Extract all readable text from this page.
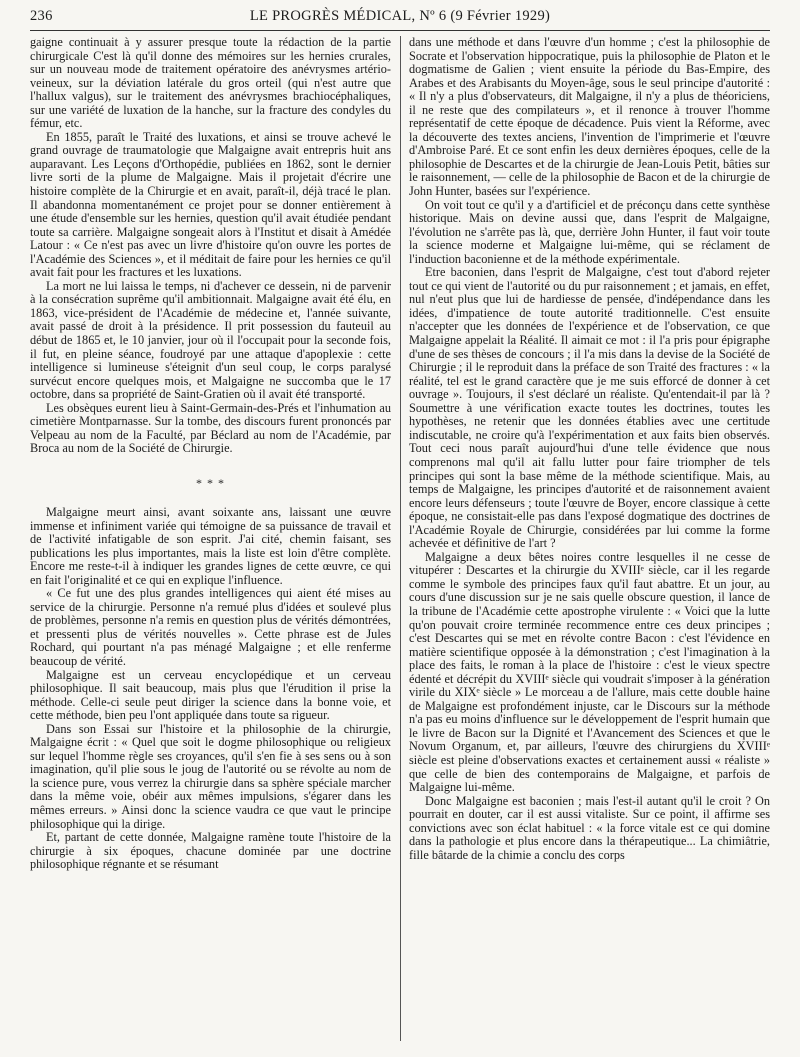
236	LE PROGRÈS MÉDICAL, Nº 6 (9 Février 1929)

gaigne continuait à y assurer presque toute la rédaction de la partie chirurgicale C'est là qu'il donne des mémoires sur les hernies crurales, sur un nouveau mode de traitement opératoire des anévrysmes artério-veineux, sur la déviation latérale du gros orteil (qui n'est autre que l'hallux valgus), sur le traitement des anévrysmes brachiocéphaliques, sur une variété de luxation de la hanche, sur la fracture des condyles du fémur, etc.

En 1855, paraît le Traité des luxations, et ainsi se trouve achevé le grand ouvrage de traumatologie que Malgaigne avait entrepris huit ans auparavant. Les Leçons d'Orthopédie, publiées en 1862, sont le dernier livre sorti de la plume de Malgaigne. Mais il projetait d'écrire une histoire complète de la Chirurgie et en avait, paraît-il, déjà tracé le plan. Il abandonna momentanément ce projet pour se donner entièrement à une étude d'ensemble sur les hernies, question qu'il avait étudiée pendant toute sa carrière. Malgaigne songeait alors à l'Institut et disait à Amédée Latour : « Ce n'est pas avec un livre d'histoire qu'on ouvre les portes de l'Académie des Sciences », et il méditait de faire pour les hernies ce qu'il avait fait pour les fractures et les luxations.

La mort ne lui laissa le temps, ni d'achever ce dessein, ni de parvenir à la consécration suprême qu'il ambitionnait. Malgaigne avait été élu, en 1863, vice-président de l'Académie de médecine et, l'année suivante, avait passé de droit à la présidence. Il prit possession du fauteuil au début de 1865 et, le 10 janvier, jour où il l'occupait pour la seconde fois, il fut, en pleine séance, foudroyé par une attaque d'apoplexie : cette intelligence si lumineuse s'éteignit d'un seul coup, le corps paralysé survécut encore quelques mois, et Malgaigne ne succomba que le 17 octobre, dans sa propriété de Saint-Gratien où il avait été transporté.

Les obsèques eurent lieu à Saint-Germain-des-Prés et l'inhumation au cimetière Montparnasse. Sur la tombe, des discours furent prononcés par Velpeau au nom de la Faculté, par Béclard au nom de l'Académie, par Broca au nom de la Société de Chirurgie.

* * *

Malgaigne meurt ainsi, avant soixante ans, laissant une œuvre immense et infiniment variée qui témoigne de sa puissance de travail et de l'activité infatigable de son esprit. J'ai cité, chemin faisant, ses publications les plus importantes, mais la liste est loin d'être complète. Encore me reste-t-il à indiquer les grandes lignes de cette œuvre, ce qui en fait l'originalité et ce qui en explique l'influence.

« Ce fut une des plus grandes intelligences qui aient été mises au service de la chirurgie. Personne n'a remué plus d'idées et soulevé plus de problèmes, personne n'a remis en question plus de vérités démontrées, et pressenti plus de vérités nouvelles ». Cette phrase est de Jules Rochard, qui pourtant n'a pas ménagé Malgaigne ; et elle renferme beaucoup de vérité.

Malgaigne est un cerveau encyclopédique et un cerveau philosophique. Il sait beaucoup, mais plus que l'érudition il prise la méthode. Celle-ci seule peut diriger la science dans la bonne voie, et cette méthode, bien peu l'ont appliquée dans toute sa rigueur.

Dans son Essai sur l'histoire et la philosophie de la chirurgie, Malgaigne écrit : « Quel que soit le dogme philosophique ou religieux sur lequel l'homme règle ses croyances, qu'il s'en fie à ses sens ou à son imagination, qu'il plie sous le joug de l'autorité ou se révolte au nom de la science pure, vous verrez la chirurgie dans sa sphère spéciale marcher dans la même voie, obéir aux mêmes impulsions, s'égarer dans les mêmes erreurs. » Ainsi donc la science vaudra ce que vaut le principe philosophique qui la dirige.

Et, partant de cette donnée, Malgaigne ramène toute l'histoire de la chirurgie à six époques, chacune dominée par une doctrine philosophique régnante et se résumant

dans une méthode et dans l'œuvre d'un homme ; c'est la philosophie de Socrate et l'observation hippocratique, puis la philosophie de Platon et le dogmatisme de Galien ; vient ensuite la période du Bas-Empire, des Arabes et des Arabisants du Moyen-âge, sous le seul principe d'autorité : « Il n'y a plus d'observateurs, dit Malgaigne, il n'y a plus de théoriciens, il ne reste que des compilateurs », et il renonce à trouver l'homme représentatif de cette époque de décadence. Puis vient la Réforme, avec la découverte des textes anciens, l'invention de l'imprimerie et l'œuvre d'Ambroise Paré. Et ce sont enfin les deux dernières époques, celle de la philosophie de Descartes et de la chirurgie de Jean-Louis Petit, bâties sur le raisonnement, — celle de la philosophie de Bacon et de la chirurgie de John Hunter, basées sur l'expérience.

On voit tout ce qu'il y a d'artificiel et de préconçu dans cette synthèse historique. Mais on devine aussi que, dans l'esprit de Malgaigne, l'évolution ne s'arrête pas là, que, derrière John Hunter, il faut voir toute la science moderne et Malgaigne lui-même, qui se réclament de l'induction baconienne et de la méthode expérimentale.

Etre baconien, dans l'esprit de Malgaigne, c'est tout d'abord rejeter tout ce qui vient de l'autorité ou du pur raisonnement ; et jamais, en effet, nul n'eut plus que lui de hardiesse de pensée, d'indépendance dans les idées, d'impatience de toute autorité traditionnelle. C'est ensuite n'accepter que les données de l'expérience et de l'observation, ce que Malgaigne appelait la Réalité. Il aimait ce mot : il l'a pris pour épigraphe d'une de ses thèses de concours ; il l'a mis dans la devise de la Société de Chirurgie ; il le reproduit dans la préface de son Traité des fractures : « la réalité, tel est le grand caractère que je me suis efforcé de donner à cet ouvrage ». Toujours, il s'est déclaré un réaliste. Qu'entendait-il par là ? Soumettre à une vérification exacte toutes les doctrines, toutes les hypothèses, ne retenir que les données établies avec une certitude indiscutable, ne croire qu'à l'expérimentation et aux faits bien observés. Tout ceci nous paraît aujourd'hui d'une telle évidence que nous comprenons mal qu'il ait fallu lutter pour faire triompher de tels principes qui sont la base même de la méthode scientifique. Mais, au temps de Malgaigne, les principes d'autorité et de raisonnement avaient encore leurs défenseurs ; toute l'œuvre de Boyer, encore classique à cette époque, ne consistait-elle pas dans l'exposé dogmatique des doctrines de l'Académie Royale de Chirurgie, considérées par lui comme la forme achevée et définitive de l'art ?

Malgaigne a deux bêtes noires contre lesquelles il ne cesse de vitupérer : Descartes et la chirurgie du XVIIIᵉ siècle, car il les regarde comme le symbole des principes faux qu'il faut abattre. Et un jour, au cours d'une discussion sur je ne sais quelle obscure question, il lance de la tribune de l'Académie cette apostrophe virulente : « Voici que la lutte qu'on pouvait croire terminée recommence entre ces deux principes ; c'est Descartes qui se met en révolte contre Bacon : c'est l'évidence en matière scientifique opposée à la démonstration ; c'est l'imagination à la place des faits, le roman à la place de l'histoire : c'est le vieux spectre édenté et décrépit du XVIIIᵉ siècle qui voudrait s'imposer à la génération virile du XIXᵉ siècle » Le morceau a de l'allure, mais cette double haine de Malgaigne est profondément injuste, car le Discours sur la méthode n'a pas eu moins d'influence sur le développement de l'esprit humain que le livre de Bacon sur la Dignité et l'Avancement des Sciences et que le Novum Organum, et, par ailleurs, l'œuvre des chirurgiens du XVIIIᵉ siècle est pleine d'observations exactes et certainement aussi « réaliste » que celle de bien des contemporains de Malgaigne, et parfois de Malgaigne lui-même.

Donc Malgaigne est baconien ; mais l'est-il autant qu'il le croit ? On pourrait en douter, car il est aussi vitaliste. Sur ce point, il affirme ses convictions avec son éclat habituel : « la force vitale est ce qui domine dans la pathologie et plus encore dans la thérapeutique... La chimiâtrie, fille bâtarde de la chimie a conclu des corps
